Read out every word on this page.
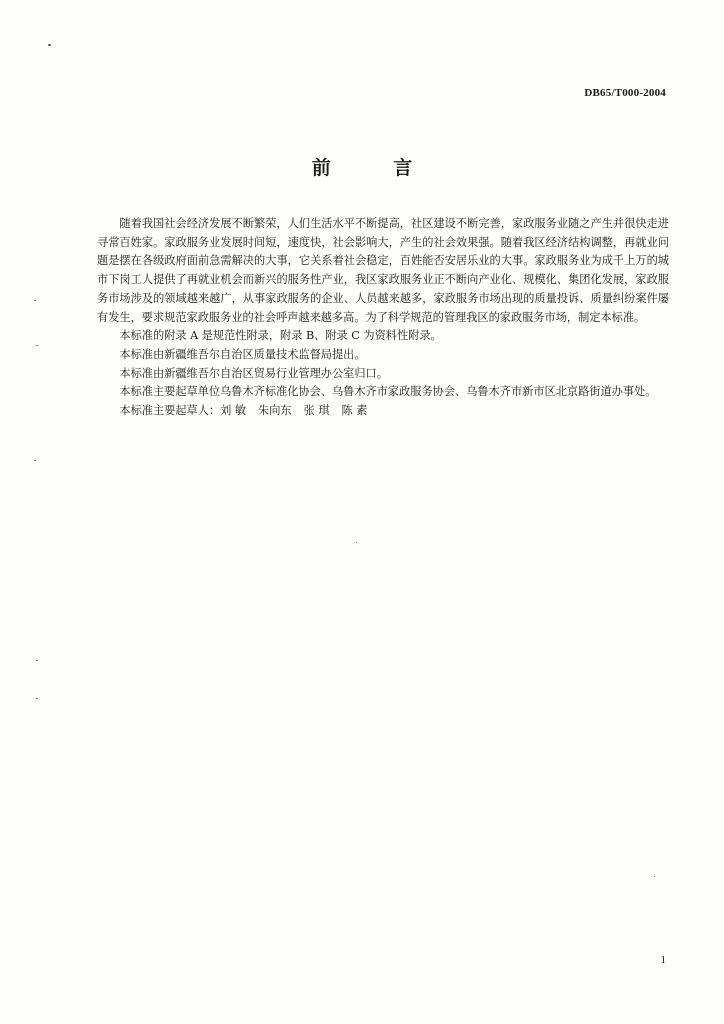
DB65/T000-2004
前 言

随着我国社会经济发展不断繁荣，人们生活水平不断提高，社区建设不断完善，家政服务业随之产生并很快走进寻常百姓家。家政服务业发展时间短，速度快，社会影响大，产生的社会效果强。随着我区经济结构调整，再就业问题是摆在各级政府面前急需解决的大事，它关系着社会稳定，百姓能否安居乐业的大事。家政服务业为成千上万的城市下岗工人提供了再就业机会而新兴的服务性产业，我区家政服务业正不断向产业化、规模化、集团化发展，家政服务市场涉及的领域越来越广，从事家政服务的企业、人员越来越多，家政服务市场出现的质量投诉、质量纠纷案件屡有发生，要求规范家政服务业的社会呼声越来越多高。为了科学规范的管理我区的家政服务市场，制定本标准。

本标准的附录 A 是规范性附录，附录 B、附录 C 为资料性附录。

本标准由新疆维吾尔自治区质量技术监督局提出。

本标准由新疆维吾尔自治区贸易行业管理办公室归口。

本标准主要起草单位乌鲁木齐标准化协会、乌鲁木齐市家政服务协会、乌鲁木齐市新市区北京路街道办事处。

本标准主要起草人：刘 敏 朱向东 张 琪 陈 素

1
